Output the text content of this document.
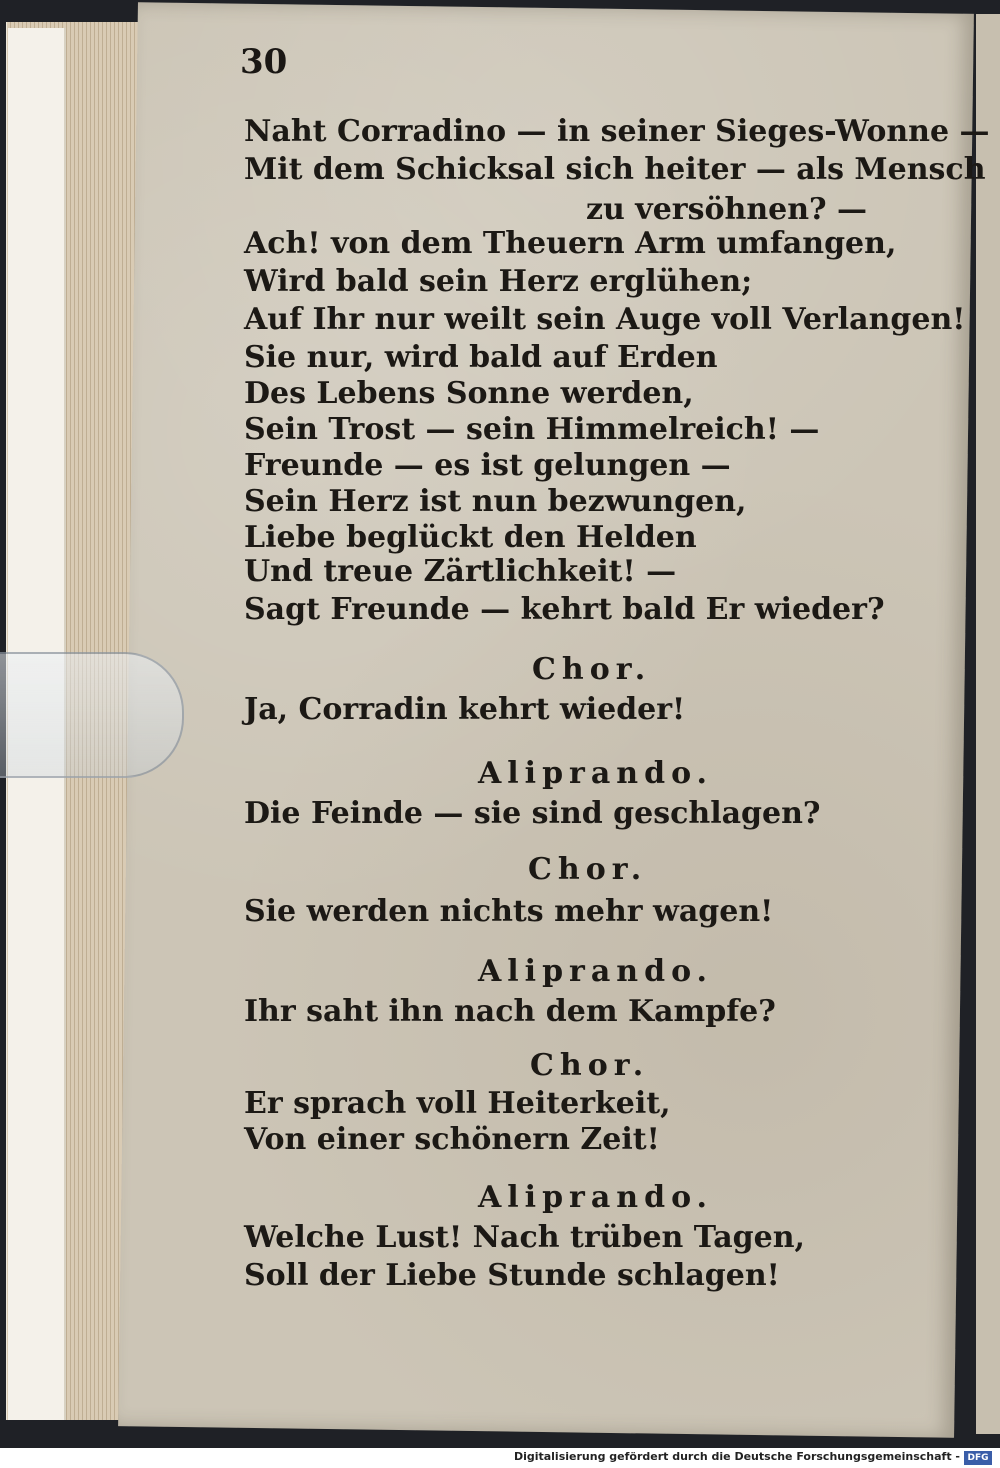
30
Naht Corradino — in seiner Sieges-Wonne —
Mit dem Schicksal sich heiter — als Mensch
zu versöhnen? —
Ach! von dem Theuern Arm umfangen,
Wird bald sein Herz erglühen;
Auf Ihr nur weilt sein Auge voll Verlangen!
Sie nur, wird bald auf Erden
Des Lebens Sonne werden,
Sein Trost — sein Himmelreich! —
Freunde — es ist gelungen —
Sein Herz ist nun bezwungen,
Liebe beglückt den Helden
Und treue Zärtlichkeit! —
Sagt Freunde — kehrt bald Er wieder?
Chor.
Ja, Corradin kehrt wieder!
Aliprando.
Die Feinde — sie sind geschlagen?
Chor.
Sie werden nichts mehr wagen!
Aliprando.
Ihr saht ihn nach dem Kampfe?
Chor.
Er sprach voll Heiterkeit,
Von einer schönern Zeit!
Aliprando.
Welche Lust! Nach trüben Tagen,
Soll der Liebe Stunde schlagen!
Digitalisierung gefördert durch die Deutsche Forschungsgemeinschaft - DFG
